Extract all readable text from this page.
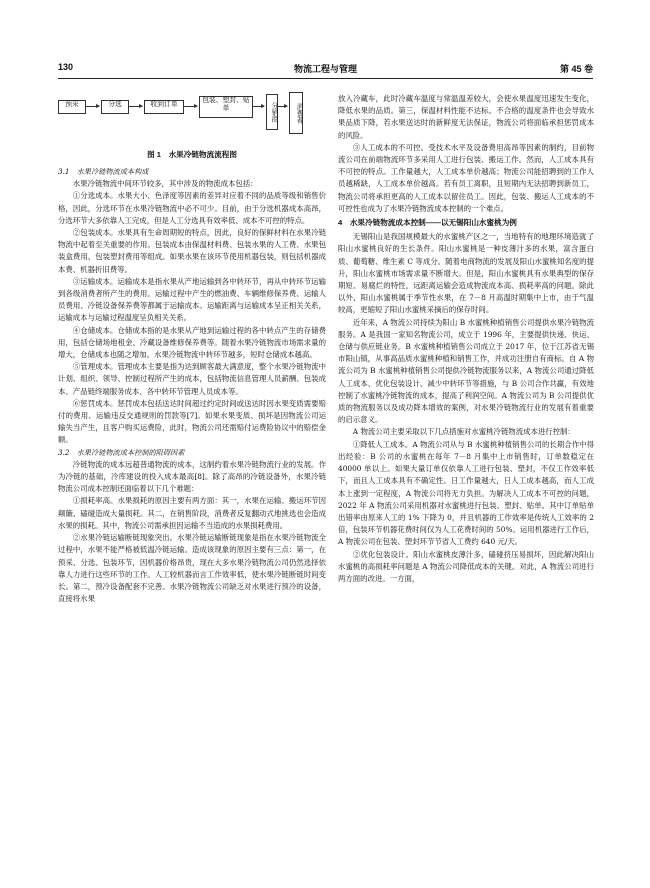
130	物流工程与管理	第 45 卷
预采	分选	收到订单
包装、塑封、贴单	分销商	消费者
图 1　水果冷链物流流程图

3.1　水果冷链物流成本构成

水果冷链物流中间环节较多，其中涉及的物流成本包括：

①分选成本。水果大小、色泽度等因素的差异对应着不同的品质等级和销售价格，因此，分选环节在水果冷链物流中必不可少。目前，由于分选机器成本高昂，分选环节大多依靠人工完成，但是人工分选具有效率低、成本不可控的特点。

②包装成本。水果具有生命周期短的特点，因此，良好的保鲜材料在水果冷链物流中起着至关重要的作用。包装成本由保温材料费、包装水果的人工费、水果包装盒费用、包装塑封费用等组成。如果水果在该环节使用机器包装，则包括机器成本费、机器折旧费等。

③运输成本。运输成本是指水果从产地运输到各中转环节，再从中转环节运输到各级消费者所产生的费用。运输过程中产生的燃油费、车辆维修保养费、运输人员费用、冷链设备保养费等都属于运输成本。运输距离与运输成本呈正相关关系，运输成本与运输过程温度呈负相关关系。

④仓储成本。仓储成本指的是水果从产地到运输过程的各中转点产生的存储费用，包括仓储场地租金、冷藏设备维修保养费等。随着水果冷链物流市场需求量的增大，仓储成本也随之增加。水果冷链物流中转环节越多，短时仓储成本越高。

⑤管理成本。管理成本主要是指为达到顾客最大满意度，整个水果冷链物流中计划、组织、领导、控制过程所产生的成本，包括物流信息管理人员薪酬、包装成本、产品链终端服务成本、各中转环节管理人员成本等。

⑥惩罚成本。惩罚成本包括送达时间超过约定时间或送达时因水果变质需要赔付的费用、运输违反交通规则的罚款等[7]。如果水果变质、损坏是因物流公司运输失当产生，且客户购买运费险，此时，物流公司还需赔付运费险协议中的赔偿金额。

3.2　水果冷链物流成本控制的阻碍因素

冷链物流的成本远超普通物流的成本，这制约着水果冷链物流行业的发展。作为冷链的基础，冷库建设的投入成本最高[8]。除了高昂的冷链设备外，水果冷链物流公司成本控制还面临着以下几个难题：

①损耗率高。水果损耗的原因主要有两方面：其一，水果在运输、搬运环节因颠簸、磕碰造成大量损耗。其二，在销售阶段，消费者反复翻动式地挑选也会造成水果的损耗。其中，物流公司需承担因运输不当造成的水果损耗费用。

②水果冷链运输断链现象突出。水果冷链运输断链现象是指在水果冷链物流全过程中，水果不能严格被低温冷链运输。造成该现象的原因主要有三点：第一，在预采、分选、包装环节，因机器价格昂贵，现在大多水果冷链物流公司仍然选择依靠人力进行这些环节的工作。人工较机器而言工作效率低，使水果冷链断链时间变长。第二，预冷设备配套不完善。水果冷链物流公司缺乏对水果进行预冷的设备，直接将水果

放入冷藏车，此时冷藏车温度与常温温差较大，会使水果温度迅速发生变化，降低水果的品质。第三，保温材料性能不达标。不合格的温度条件也会导致水果品质下降，若水果送达时的新鲜度无法保证，物流公司将面临承担惩罚成本的风险。

③人工成本的不可控。受技术水平及设备费用高昂等因素的制约，目前物流公司在前端物流环节多采用人工进行包装、搬运工作。然而，人工成本具有不可控的特点。工作量越大，人工成本单价越高；物流公司能招聘到的工作人员越稀缺，人工成本单价越高。若有员工离职，且短期内无法招聘到新员工，物流公司将承担更高的人工成本以留住员工。因此，包装、搬运人工成本的不可控性也成为了水果冷链物流成本控制的一个难点。

4　水果冷链物流成本控制——以无锡阳山水蜜桃为例

无锡阳山是我国规模最大的水蜜桃产区之一，当地特有的地理环境造就了阳山水蜜桃良好的生长条件。阳山水蜜桃是一种皮薄汁多的水果，富含蛋白质、葡萄糖、维生素 C 等成分。随着电商物流的发展及阳山水蜜桃知名度的提升，阳山水蜜桃市场需求量不断增大。但是，阳山水蜜桃具有水果典型的保存期短、易腐烂的特性，远距离运输会造成物流成本高、损耗率高的问题。除此以外，阳山水蜜桃属于季节性水果，在 7－8 月高温时期集中上市，由于气温较高，更缩短了阳山水蜜桃采摘后的保存时间。

近年来，A 物流公司持续为阳山 B 水蜜桃种植销售公司提供水果冷链物流服务。A 是我国一家知名物流公司，成立于 1996 年，主要提供快递、快运、仓储与供应链业务。B 水蜜桃种植销售公司成立于 2017 年，位于江苏省无锡市阳山镇，从事高品质水蜜桃种植和销售工作，并成功注册自有商标。自 A 物流公司为 B 水蜜桃种植销售公司提供冷链物流服务以来，A 物流公司通过降低人工成本、优化包装设计、减少中转环节等措施，与 B 公司合作共赢，有效地控制了水蜜桃冷链物流的成本，提高了利润空间。A 物流公司为 B 公司提供优质的物流服务以及成功降本增效的案例，对水果冷链物流行业的发展有着重要的启示意义。

A 物流公司主要采取以下几点措施对水蜜桃冷链物流成本进行控制：

①降低人工成本。A 物流公司从与 B 水蜜桃种植销售公司的长期合作中得出经验：B 公司的水蜜桃在每年 7－8 月集中上市销售时，订单数稳定在 40000 单以上。如果大量订单仅依靠人工进行包装、塑封，不仅工作效率低下，而且人工成本具有不确定性。日工作量越大，日人工成本越高，而人工成本上涨到一定程度，A 物流公司将无力负担。为解决人工成本不可控的问题，2022 年 A 物流公司采用机器对水蜜桃进行包装、塑封、贴单。其中订单贴单出错率由原来人工的 1% 下降为 0，并且机器的工作效率是传统人工效率的 2 倍，包装环节机器花费时间仅为人工花费时间的 50%。运用机器进行工作后，A 物流公司在包装、塑封环节节省人工费约 640 元/天。

②优化包装设计。阳山水蜜桃皮薄汁多，磕碰挤压易损坏，因此解决阳山水蜜桃的高损耗率问题是 A 物流公司降低成本的关键。对此，A 物流公司进行两方面的改进。一方面，
